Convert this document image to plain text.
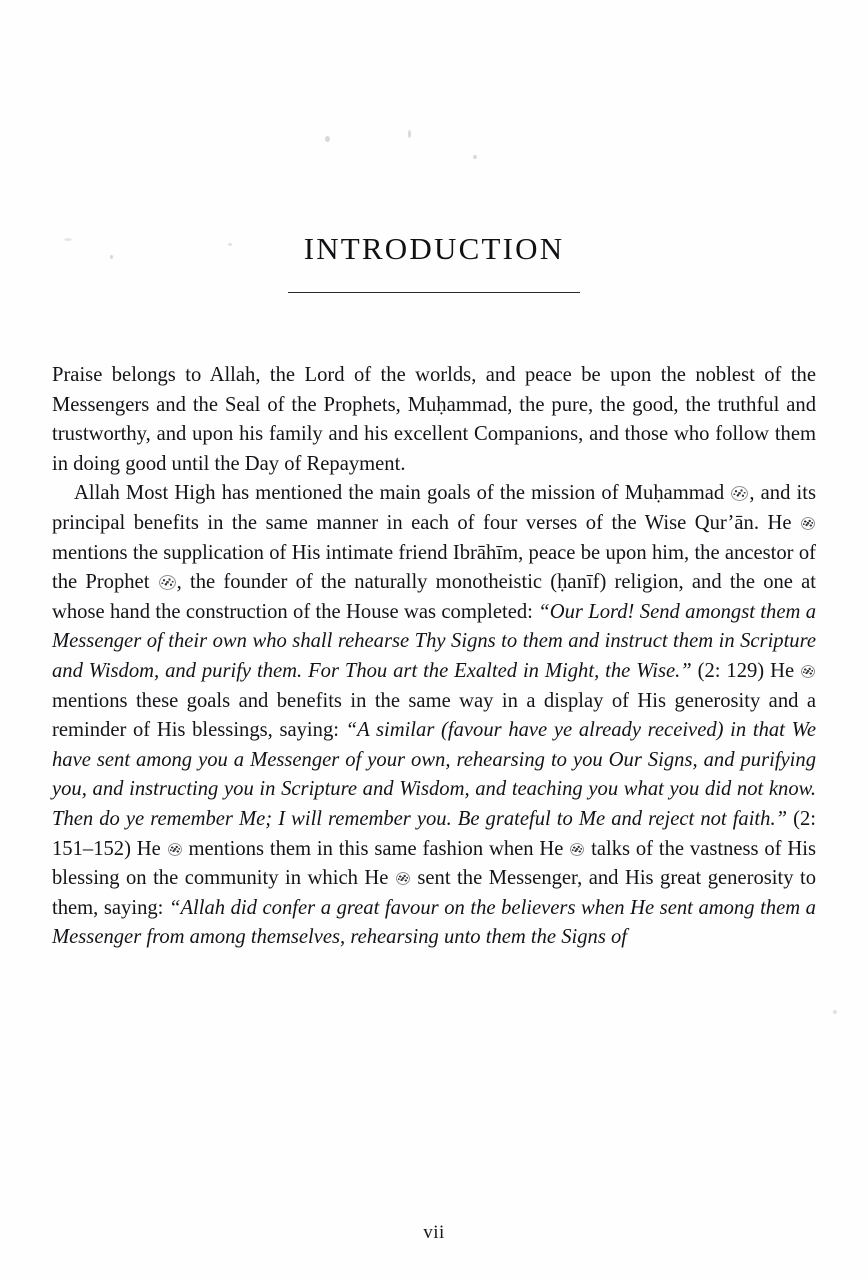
INTRODUCTION

Praise belongs to Allah, the Lord of the worlds, and peace be upon the noblest of the Messengers and the Seal of the Prophets, Muḥammad, the pure, the good, the truthful and trustworthy, and upon his family and his excellent Companions, and those who follow them in doing good until the Day of Repayment.

Allah Most High has mentioned the main goals of the mission of Muḥammad , and its principal benefits in the same manner in each of four verses of the Wise Qur’ān. He  mentions the supplication of His intimate friend Ibrāhīm, peace be upon him, the ancestor of the Prophet , the founder of the naturally monotheistic (ḥanīf) religion, and the one at whose hand the construction of the House was completed: “Our Lord! Send amongst them a Messenger of their own who shall rehearse Thy Signs to them and instruct them in Scripture and Wisdom, and purify them. For Thou art the Exalted in Might, the Wise.” (2: 129) He  mentions these goals and benefits in the same way in a display of His generosity and a reminder of His blessings, saying: “A similar (favour have ye already received) in that We have sent among you a Messenger of your own, rehearsing to you Our Signs, and purifying you, and instructing you in Scripture and Wisdom, and teaching you what you did not know. Then do ye remember Me; I will remember you. Be grateful to Me and reject not faith.” (2: 151–152) He  mentions them in this same fashion when He  talks of the vastness of His blessing on the community in which He  sent the Messenger, and His great generosity to them, saying: “Allah did confer a great favour on the believers when He sent among them a Messenger from among themselves, rehearsing unto them the Signs of

vii
